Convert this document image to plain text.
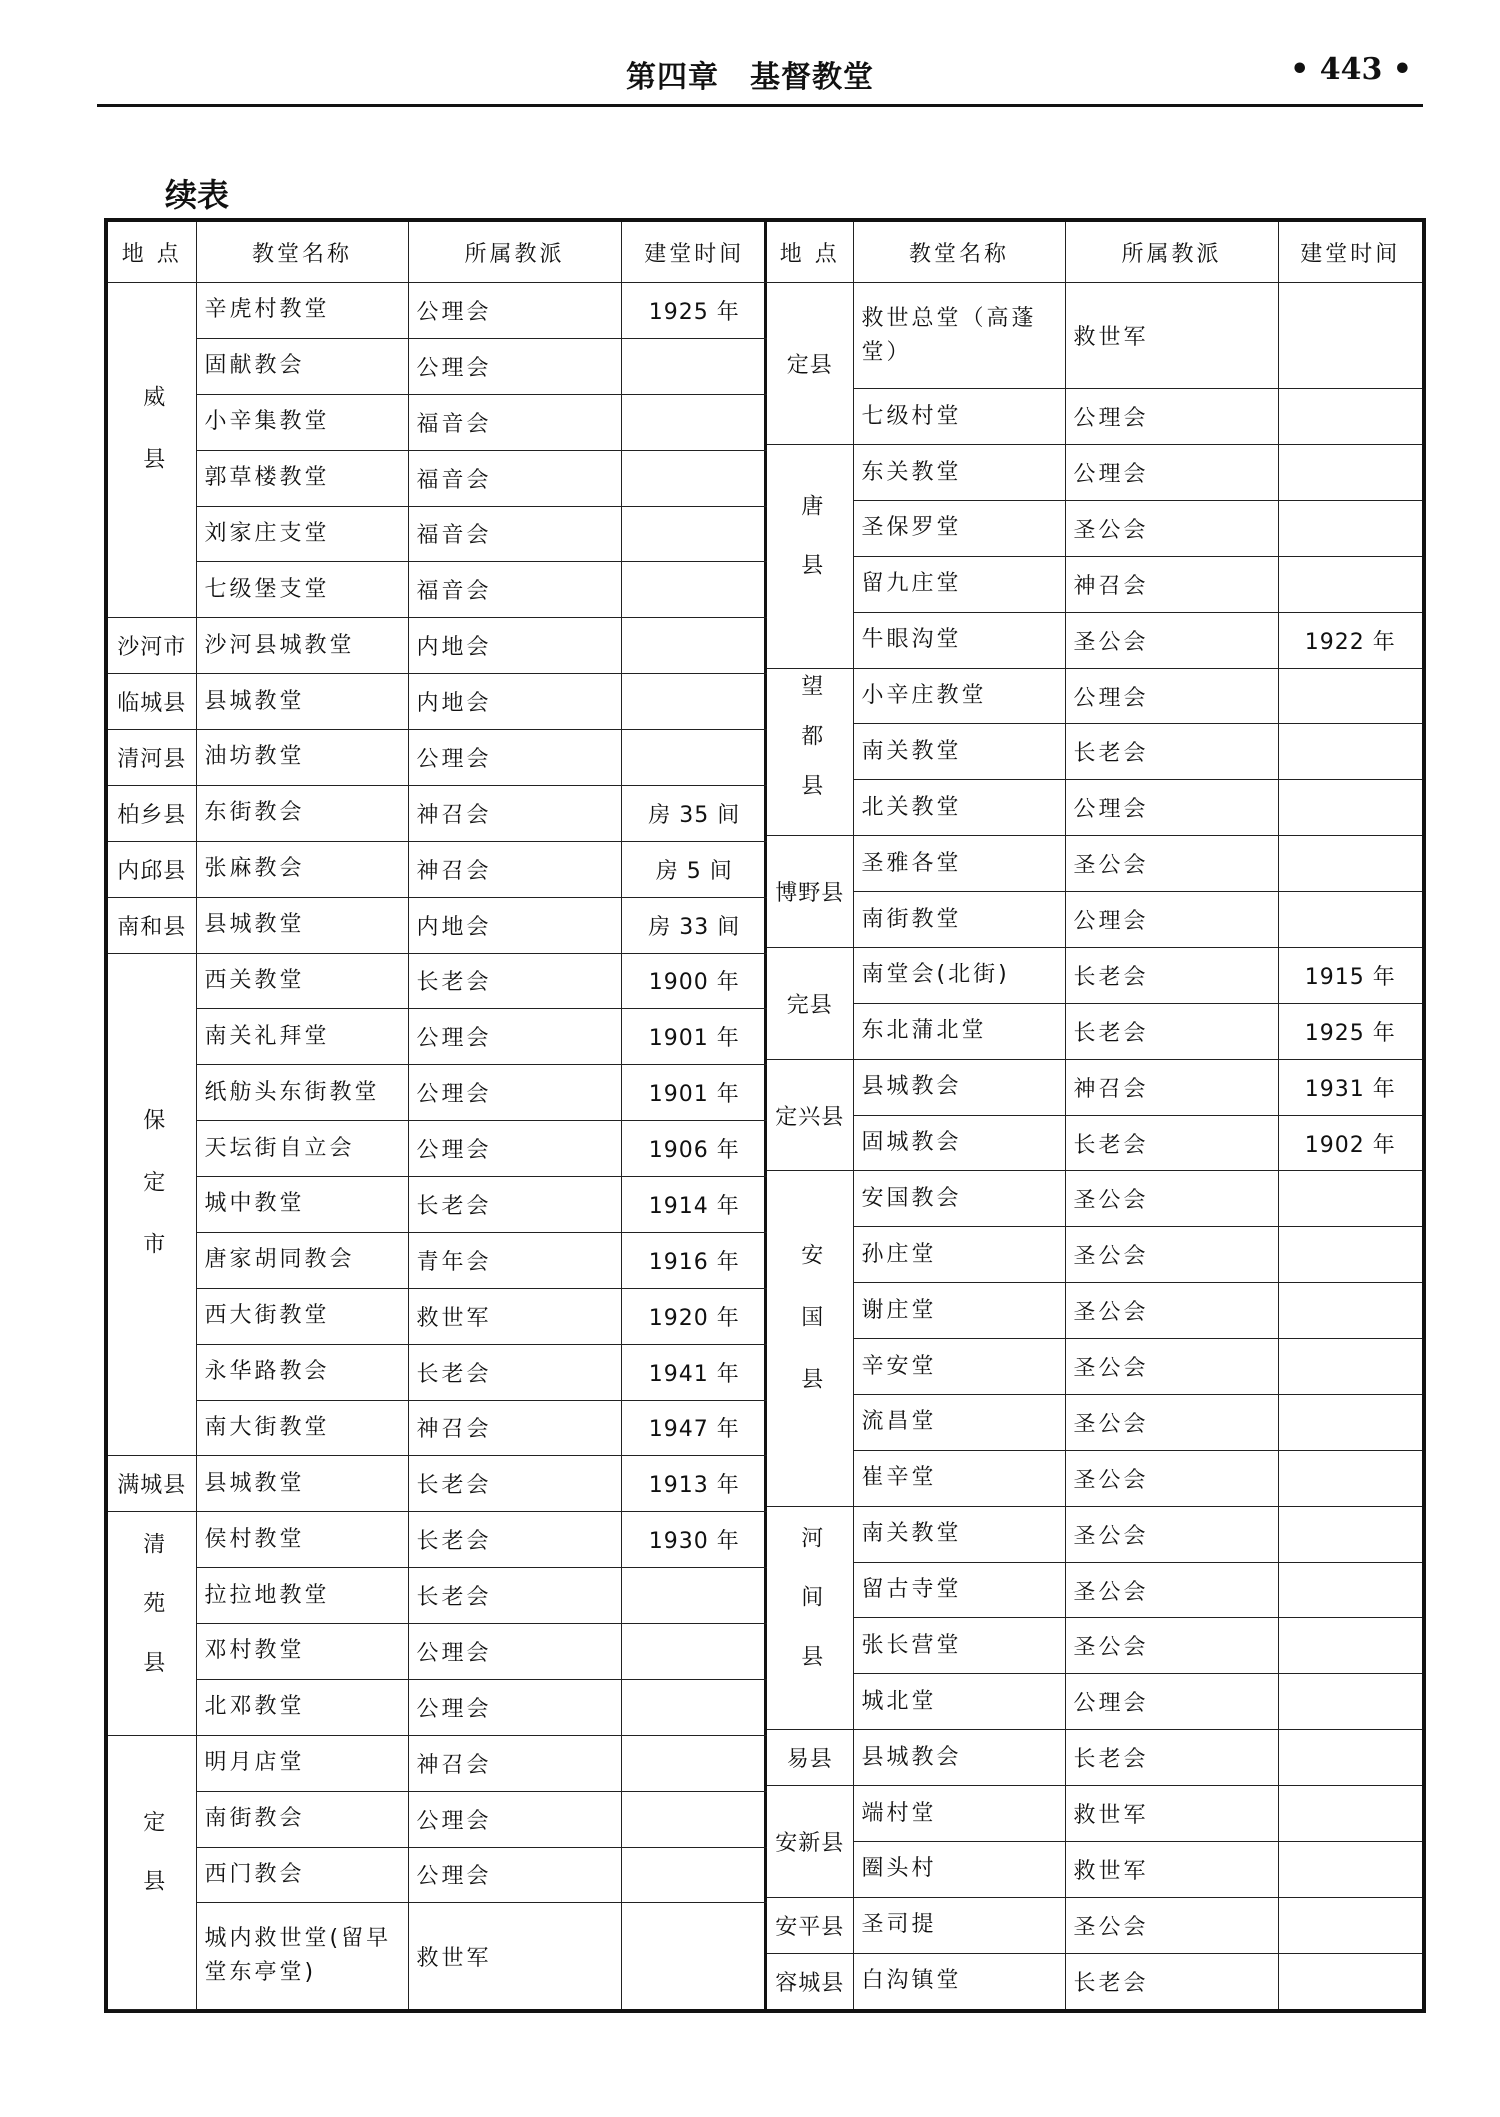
第四章　基督教堂	• 443 •
续表
地 点	教堂名称	所属教派	建堂时间
威县	辛虎村教堂	公理会	1925 年
	固献教会	公理会	
	小辛集教堂	福音会	
	郭草楼教堂	福音会	
	刘家庄支堂	福音会	
	七级堡支堂	福音会	
沙河市	沙河县城教堂	内地会	
临城县	县城教堂	内地会	
清河县	油坊教堂	公理会	
柏乡县	东街教会	神召会	房 35 间
内邱县	张麻教会	神召会	房 5 间
南和县	县城教堂	内地会	房 33 间
保定市	西关教堂	长老会	1900 年
	南关礼拜堂	公理会	1901 年
	纸舫头东街教堂	公理会	1901 年
	天坛街自立会	公理会	1906 年
	城中教堂	长老会	1914 年
	唐家胡同教会	青年会	1916 年
	西大街教堂	救世军	1920 年
	永华路教会	长老会	1941 年
	南大街教堂	神召会	1947 年
满城县	县城教堂	长老会	1913 年
清苑县	侯村教堂	长老会	1930 年
	拉拉地教堂	长老会	
	邓村教堂	公理会	
	北邓教堂	公理会	
定县	明月店堂	神召会	
	南街教会	公理会	
	西门教会	公理会	
	城内救世堂(留早堂东亭堂)	救世军	
地 点	教堂名称	所属教派	建堂时间
定县	救世总堂（高蓬堂）	救世军	
	七级村堂	公理会	
唐县	东关教堂	公理会	
	圣保罗堂	圣公会	
	留九庄堂	神召会	
	牛眼沟堂	圣公会	1922 年
望都县	小辛庄教堂	公理会	
	南关教堂	长老会	
	北关教堂	公理会	
博野县	圣雅各堂	圣公会	
	南街教堂	公理会	
完县	南堂会(北街)	长老会	1915 年
	东北蒲北堂	长老会	1925 年
定兴县	县城教会	神召会	1931 年
	固城教会	长老会	1902 年
安国县	安国教会	圣公会	
	孙庄堂	圣公会	
	谢庄堂	圣公会	
	辛安堂	圣公会	
	流昌堂	圣公会	
	崔辛堂	圣公会	
河间县	南关教堂	圣公会	
	留古寺堂	圣公会	
	张长营堂	圣公会	
	城北堂	公理会	
易县	县城教会	长老会	
安新县	端村堂	救世军	
	圈头村	救世军	
安平县	圣司提	圣公会	
容城县	白沟镇堂	长老会	
